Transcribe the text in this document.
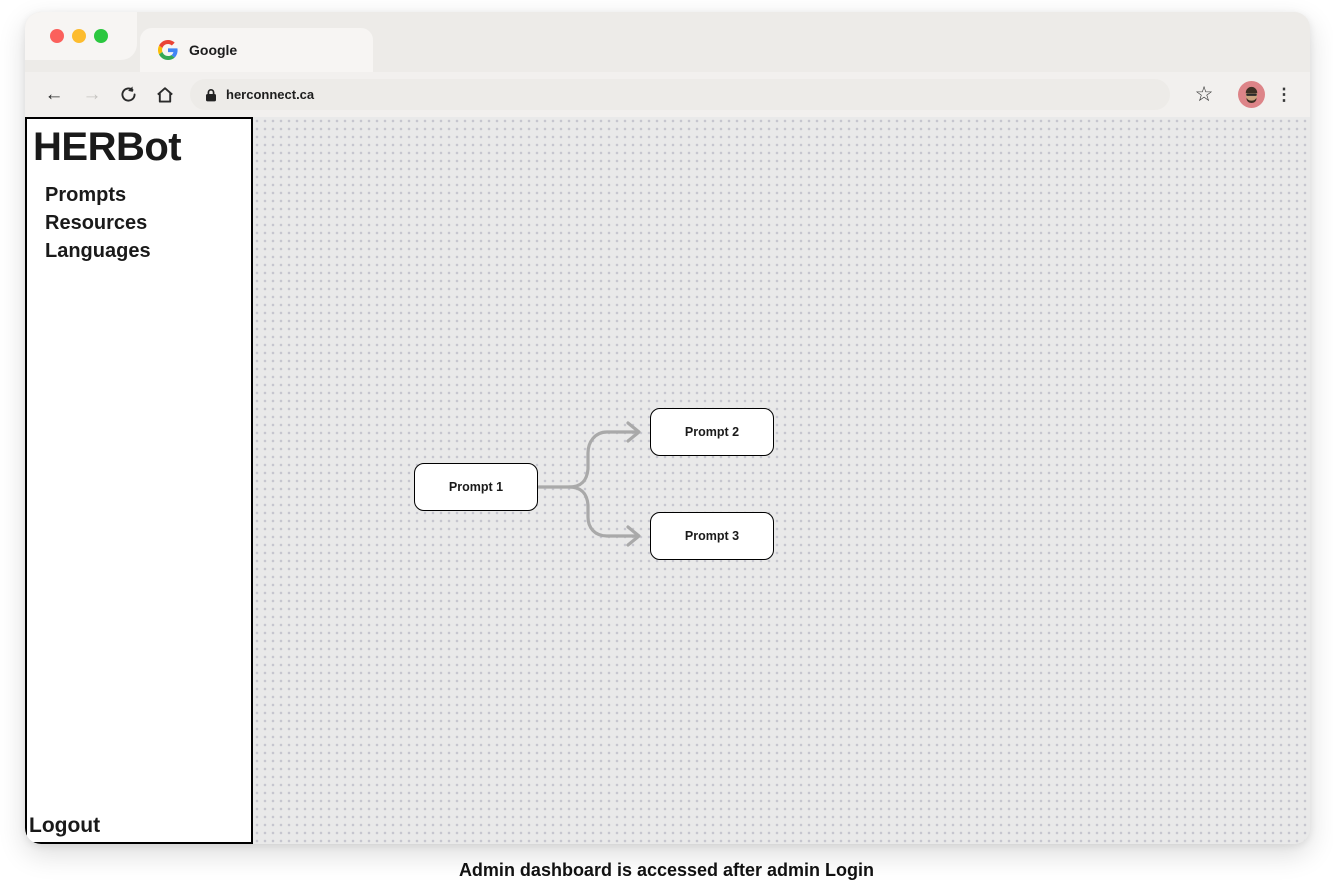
Google
← →	herconnect.ca	☆	⋮
HERBot
Prompts
Resources
Languages
Logout
Prompt 1
Prompt 2
Prompt 3
Admin dashboard is accessed after admin Login
